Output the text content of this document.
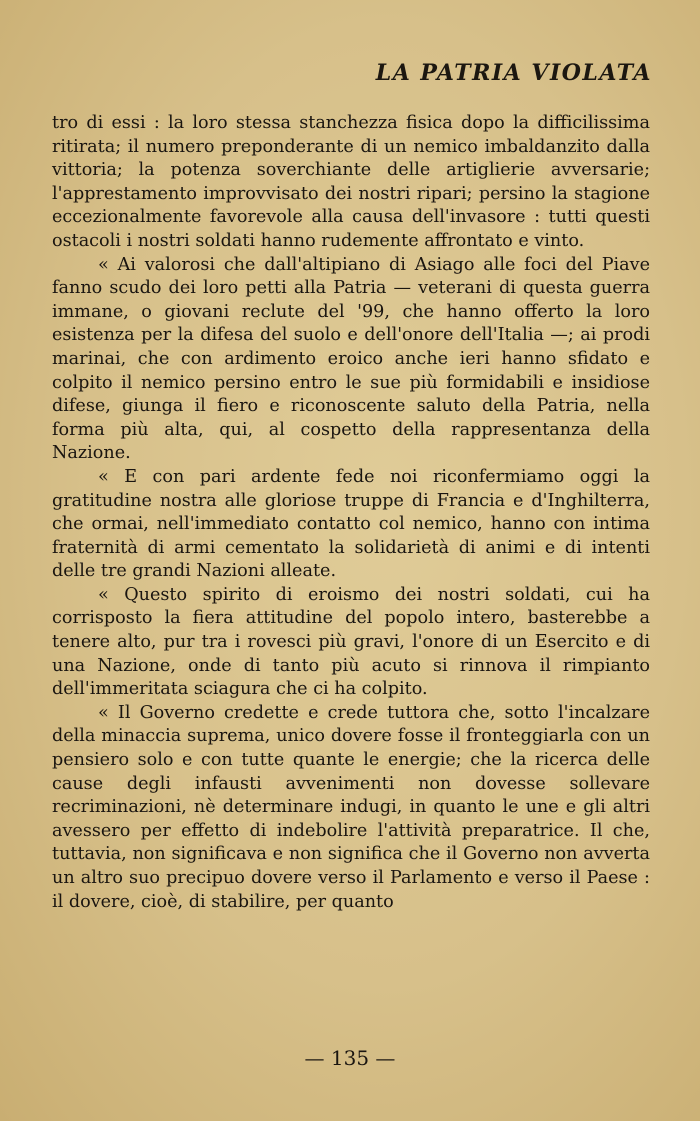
LA PATRIA VIOLATA

tro di essi : la loro stessa stanchezza fisica dopo la difficilissima ritirata; il numero preponderante di un nemico imbaldanzito dalla vittoria; la potenza soverchiante delle artiglierie avversarie; l'apprestamento improvvisato dei nostri ripari; persino la stagione eccezionalmente favorevole alla causa dell'invasore : tutti questi ostacoli i nostri soldati hanno rudemente affrontato e vinto.

« Ai valorosi che dall'altipiano di Asiago alle foci del Piave fanno scudo dei loro petti alla Patria — veterani di questa guerra immane, o giovani reclute del '99, che hanno offerto la loro esistenza per la difesa del suolo e dell'onore dell'Italia —; ai prodi marinai, che con ardimento eroico anche ieri hanno sfidato e colpito il nemico persino entro le sue più formidabili e insidiose difese, giunga il fiero e riconoscente saluto della Patria, nella forma più alta, qui, al cospetto della rappresentanza della Nazione.

« E con pari ardente fede noi riconfermiamo oggi la gratitudine nostra alle gloriose truppe di Francia e d'Inghilterra, che ormai, nell'immediato contatto col nemico, hanno con intima fraternità di armi cementato la solidarietà di animi e di intenti delle tre grandi Nazioni alleate.

« Questo spirito di eroismo dei nostri soldati, cui ha corrisposto la fiera attitudine del popolo intero, basterebbe a tenere alto, pur tra i rovesci più gravi, l'onore di un Esercito e di una Nazione, onde di tanto più acuto si rinnova il rimpianto dell'immeritata sciagura che ci ha colpito.

« Il Governo credette e crede tuttora che, sotto l'incalzare della minaccia suprema, unico dovere fosse il fronteggiarla con un pensiero solo e con tutte quante le energie; che la ricerca delle cause degli infausti avvenimenti non dovesse sollevare recriminazioni, nè determinare indugi, in quanto le une e gli altri avessero per effetto di indebolire l'attività preparatrice. Il che, tuttavia, non significava e non significa che il Governo non avverta un altro suo precipuo dovere verso il Parlamento e verso il Paese : il dovere, cioè, di stabilire, per quanto

— 135 —
